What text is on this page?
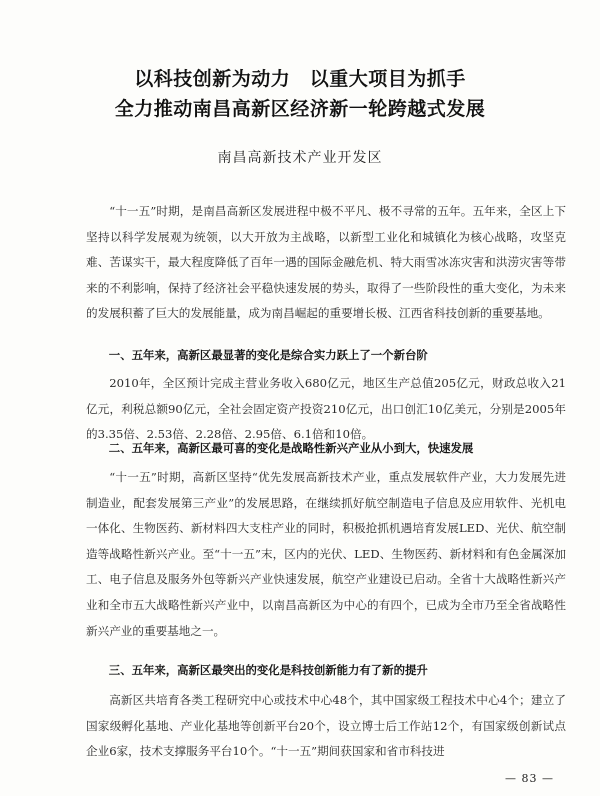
以科技创新为动力　以重大项目为抓手
全力推动南昌高新区经济新一轮跨越式发展
南昌高新技术产业开发区

“十一五”时期，是南昌高新区发展进程中极不平凡、极不寻常的五年。五年来，全区上下坚持以科学发展观为统领，以大开放为主战略，以新型工业化和城镇化为核心战略，攻坚克难、苦谋实干，最大程度降低了百年一遇的国际金融危机、特大雨雪冰冻灾害和洪涝灾害等带来的不利影响，保持了经济社会平稳快速发展的势头，取得了一些阶段性的重大变化，为未来的发展积蓄了巨大的发展能量，成为南昌崛起的重要增长极、江西省科技创新的重要基地。

一、五年来，高新区最显著的变化是综合实力跃上了一个新台阶

2010年，全区预计完成主营业务收入680亿元，地区生产总值205亿元，财政总收入21亿元，利税总额90亿元，全社会固定资产投资210亿元，出口创汇10亿美元，分别是2005年的3.35倍、2.53倍、2.28倍、2.95倍、6.1倍和10倍。

二、五年来，高新区最可喜的变化是战略性新兴产业从小到大，快速发展

“十一五”时期，高新区坚持“优先发展高新技术产业，重点发展软件产业，大力发展先进制造业，配套发展第三产业”的发展思路，在继续抓好航空制造电子信息及应用软件、光机电一体化、生物医药、新材料四大支柱产业的同时，积极抢抓机遇培育发展LED、光伏、航空制造等战略性新兴产业。至“十一五”末，区内的光伏、LED、生物医药、新材料和有色金属深加工、电子信息及服务外包等新兴产业快速发展，航空产业建设已启动。全省十大战略性新兴产业和全市五大战略性新兴产业中，以南昌高新区为中心的有四个，已成为全市乃至全省战略性新兴产业的重要基地之一。

三、五年来，高新区最突出的变化是科技创新能力有了新的提升

高新区共培育各类工程研究中心或技术中心48个，其中国家级工程技术中心4个；建立了国家级孵化基地、产业化基地等创新平台20个，设立博士后工作站12个，有国家级创新试点企业6家，技术支撑服务平台10个。“十一五”期间获国家和省市科技进

— 83 —
